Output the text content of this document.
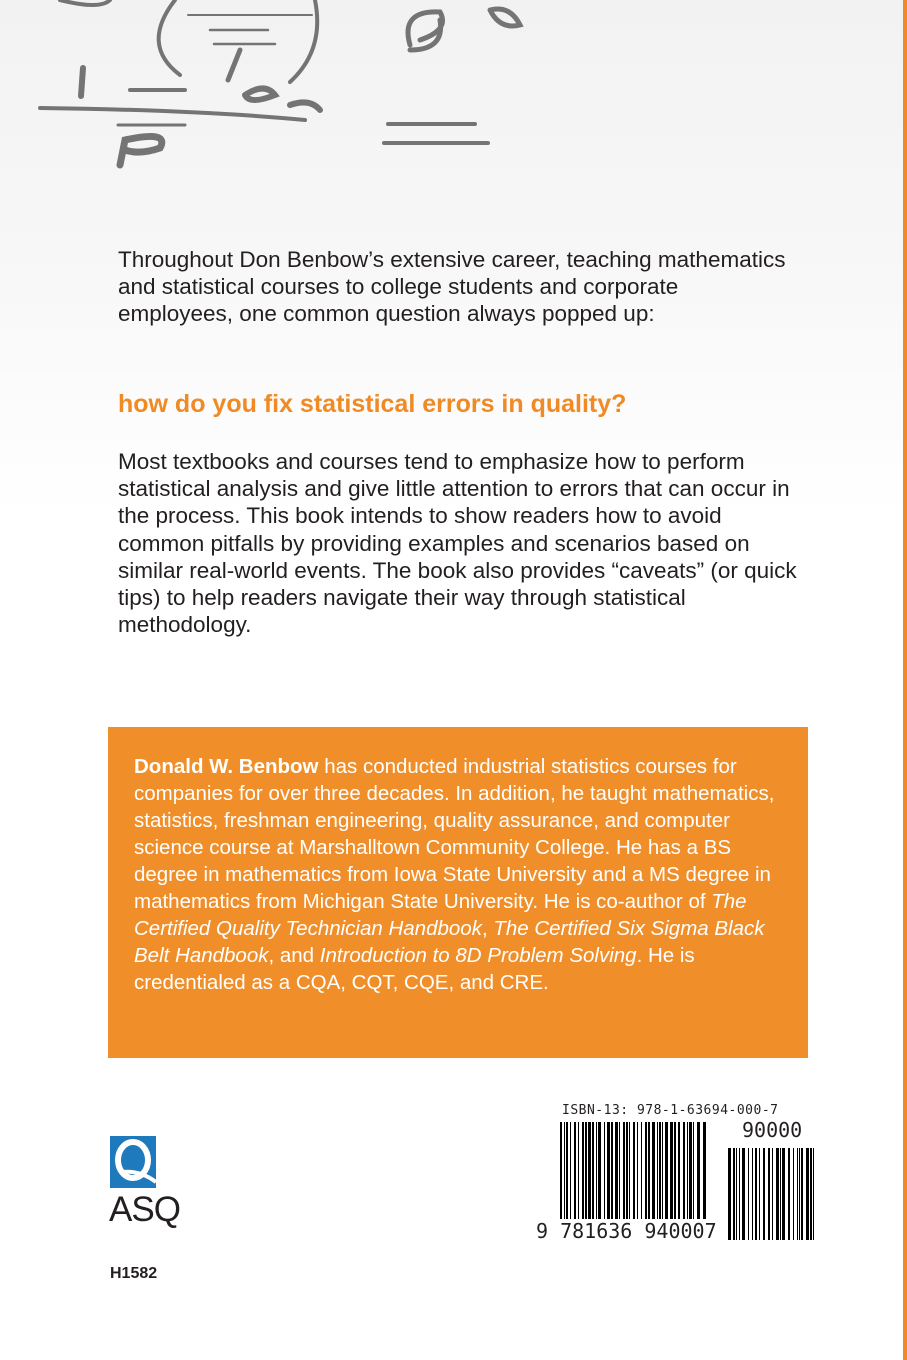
Throughout Don Benbow’s extensive career, teaching mathematics and statistical courses to college students and corporate employees, one common question always popped up:
how do you fix statistical errors in quality?
Most textbooks and courses tend to emphasize how to perform statistical analysis and give little attention to errors that can occur in the process. This book intends to show readers how to avoid common pitfalls by providing examples and scenarios based on similar real-world events. The book also provides “caveats” (or quick tips) to help readers navigate their way through statistical methodology.
Donald W. Benbow has conducted industrial statistics courses for companies for over three decades. In addition, he taught mathematics, statistics, freshman engineering, quality assurance, and computer science course at Marshalltown Community College. He has a BS degree in mathematics from Iowa State University and a MS degree in mathematics from Michigan State University. He is co-author of The Certified Quality Technician Handbook, The Certified Six Sigma Black Belt Handbook, and Introduction to 8D Problem Solving. He is credentialed as a CQA, CQT, CQE, and CRE.
ASQ
H1582
ISBN-13: 978-1-63694-000-7
90000
9 781636 940007
